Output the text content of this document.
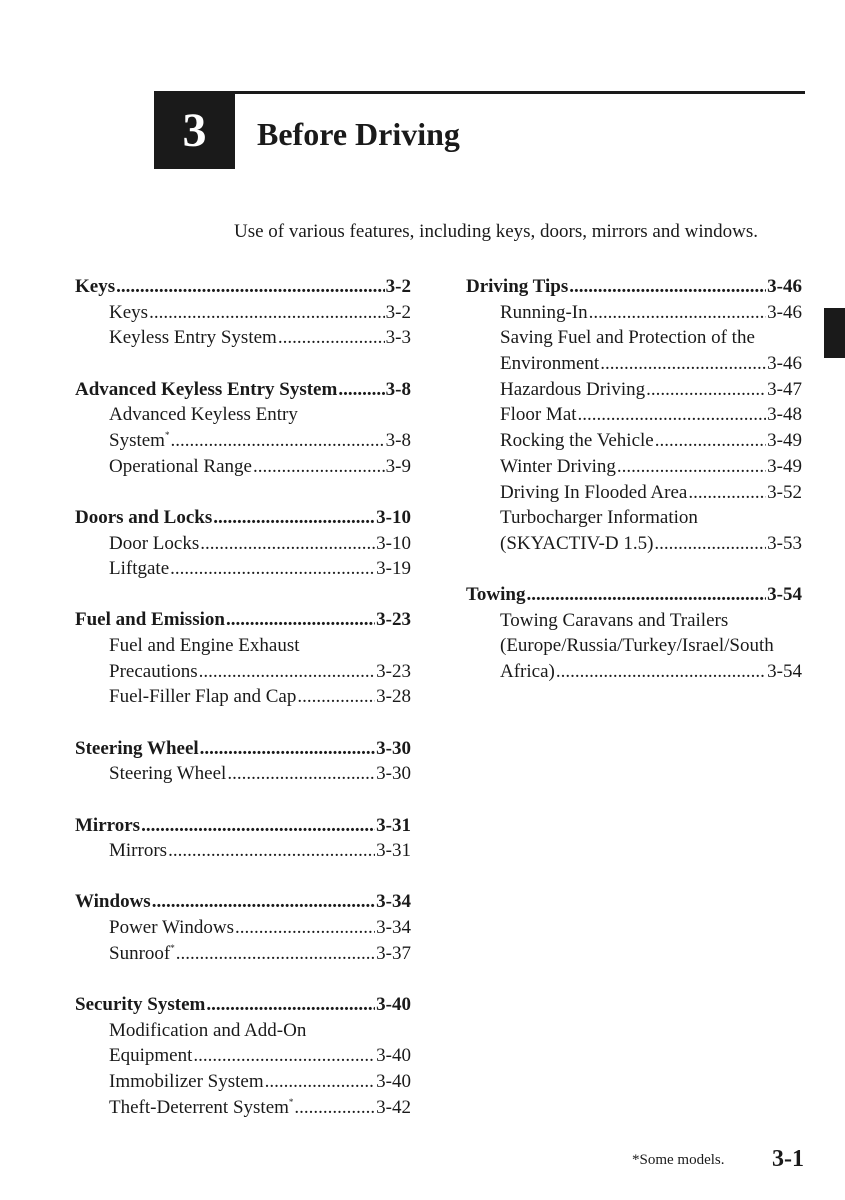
3 Before Driving
Use of various features, including keys, doors, mirrors and windows.
Keys .....	3-2
Keys .....	3-2
Keyless Entry System .....	3-3
Advanced Keyless Entry System .....	3-8
Advanced Keyless Entry
System* .....	3-8
Operational Range .....	3-9
Doors and Locks .....	3-10
Door Locks .....	3-10
Liftgate .....	3-19
Fuel and Emission .....	3-23
Fuel and Engine Exhaust
Precautions .....	3-23
Fuel-Filler Flap and Cap .....	3-28
Steering Wheel .....	3-30
Steering Wheel .....	3-30
Mirrors .....	3-31
Mirrors .....	3-31
Windows .....	3-34
Power Windows .....	3-34
Sunroof* .....	3-37
Security System .....	3-40
Modification and Add-On
Equipment .....	3-40
Immobilizer System .....	3-40
Theft-Deterrent System* .....	3-42
Driving Tips .....	3-46
Running-In .....	3-46
Saving Fuel and Protection of the
Environment .....	3-46
Hazardous Driving .....	3-47
Floor Mat .....	3-48
Rocking the Vehicle .....	3-49
Winter Driving .....	3-49
Driving In Flooded Area .....	3-52
Turbocharger Information
(SKYACTIV-D 1.5) .....	3-53
Towing .....	3-54
Towing Caravans and Trailers
(Europe/Russia/Turkey/Israel/South
Africa) .....	3-54
*Some models. 3-1
